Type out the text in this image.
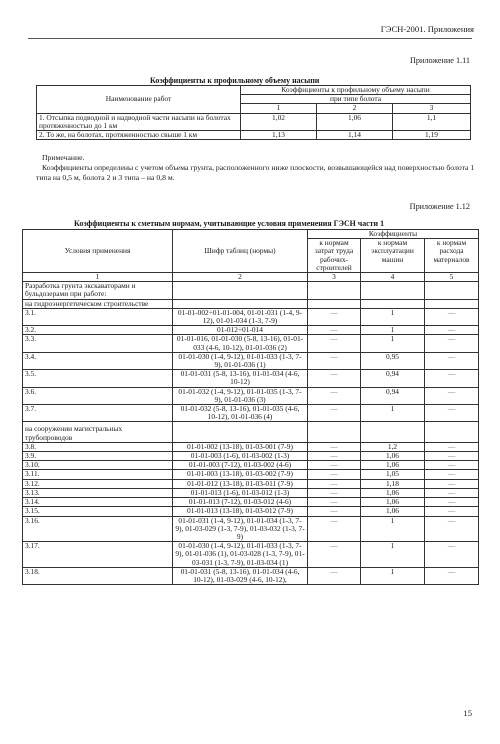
ГЭСН-2001. Приложения
Приложение 1.11
Коэффициенты к профильному объему насыпи
Наименование работ	Коэффициенты к профильному объему насыпи		
	при типе болота		
	1	2	3
1. Отсыпка подводной и надводной части насыпи на болотах протяженностью до 1 км	1,02	1,06	1,1
2. То же, на болотах, протяженностью свыше 1 км	1,13	1,14	1,19
Примечание.
Коэффициенты определены с учетом объема грунта, расположенного ниже плоскости, возвышающейся над поверхностью болота 1 типа на 0,5 м, болота 2 и 3 типа – на 0,8 м.
Приложение 1.12
Коэффициенты к сметным нормам, учитывающие условия применения ГЭСН части 1
Условия применения	Шифр таблиц (нормы)	Коэффициенты		
		к нормам затрат труда рабочих-строителей	к нормам эксплуатации машин	к нормам расхода материалов
1	2	3	4	5
Разработка грунта экскаваторами и бульдозерами при работе:				
на гидроэнергетическом строительстве				
3.1.	01-01-002÷01-01-004, 01-01-031 (1-4, 9-12), 01-01-034 (1-3, 7-9)	—	1	—
3.2.	01-012÷01-014	—	1	—
3.3.	01-01-016, 01-01-030 (5-8, 13-16), 01-01-033 (4-6, 10-12), 01-01-036 (2)	—	1	—
3.4.	01-01-030 (1-4, 9-12), 01-01-033 (1-3, 7-9), 01-01-036 (1)	—	0,95	—
3.5.	01-01-031 (5-8, 13-16), 01-01-034 (4-6, 10-12)	—	0,94	—
3.6.	01-01-032 (1-4, 9-12), 01-01-035 (1-3, 7-9), 01-01-036 (3)	—	0,94	—
3.7.	01-01-032 (5-8, 13-16), 01-01-035 (4-6, 10-12), 01-01-036 (4)	—	1	—
на сооружении магистральных трубопроводов				
3.8.	01-01-002 (13-18), 01-03-001 (7-9)	—	1,2	—
3.9.	01-01-003 (1-6), 01-03-002 (1-3)	—	1,06	—
3.10.	01-01-003 (7-12), 01-03-002 (4-6)	—	1,06	—
3.11.	01-01-003 (13-18), 01-03-002 (7-9)	—	1,05	—
3.12.	01-01-012 (13-18), 01-03-011 (7-9)	—	1,18	—
3.13.	01-01-013 (1-6), 01-03-012 (1-3)	—	1,06	—
3.14.	01-01-013 (7-12), 01-03-012 (4-6)	—	1,06	—
3.15.	01-01-013 (13-18), 01-03-012 (7-9)	—	1,06	—
3.16.	01-01-031 (1-4, 9-12), 01-01-034 (1-3, 7-9), 01-03-029 (1-3, 7-9), 01-03-032 (1-3, 7-9)	—	1	—
3.17.	01-01-030 (1-4, 9-12), 01-01-033 (1-3, 7-9), 01-01-036 (1), 01-03-028 (1-3, 7-9), 01-03-031 (1-3, 7-9), 01-03-034 (1)	—	1	—
3.18.	01-01-031 (5-8, 13-16), 01-01-034 (4-6, 10-12), 01-03-029 (4-6, 10-12),	—	1	—
15
